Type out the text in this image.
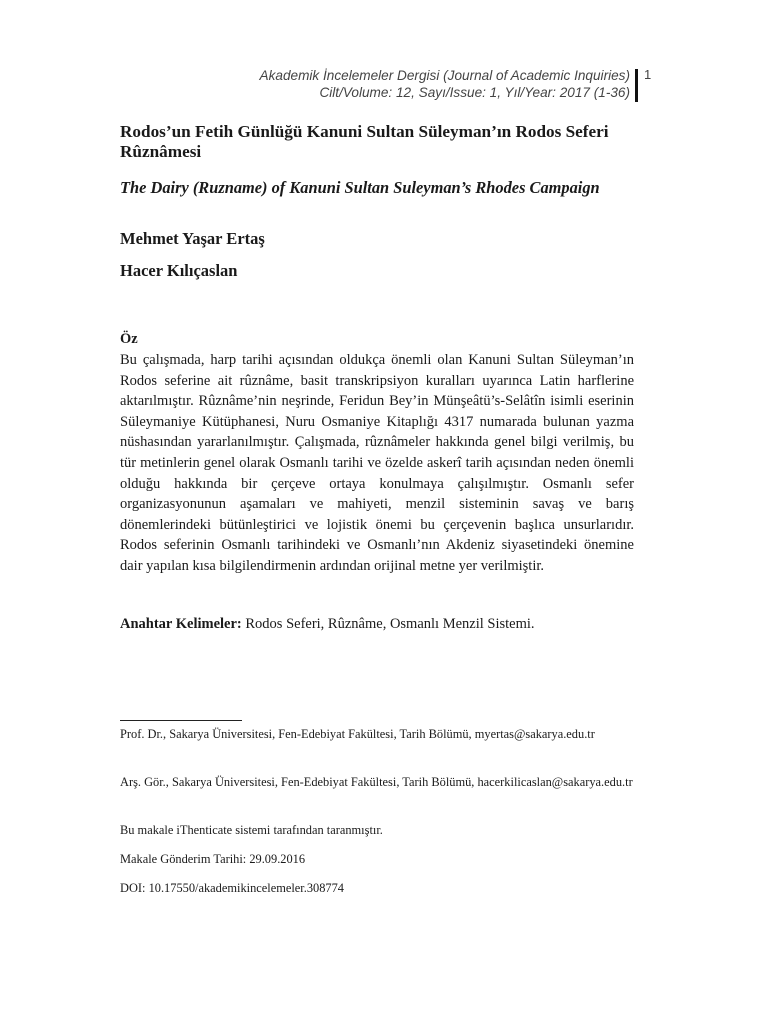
Akademik İncelemeler Dergisi (Journal of Academic Inquiries)
Cilt/Volume: 12, Sayı/Issue: 1, Yıl/Year: 2017 (1-36)
1
Rodos’un Fetih Günlüğü Kanuni Sultan Süleyman’ın Rodos Seferi Rûznâmesi
The Dairy (Ruzname) of Kanuni Sultan Suleyman’s Rhodes Campaign

Mehmet Yaşar Ertaş

Hacer Kılıçaslan

Öz

Bu çalışmada, harp tarihi açısından oldukça önemli olan Kanuni Sultan Süleyman’ın Rodos seferine ait rûznâme, basit transkripsiyon kuralları uyarınca Latin harflerine aktarılmıştır. Rûznâme’nin neşrinde, Feridun Bey’in Münşeâtü’s-Selâtîn isimli eserinin Süleymaniye Kütüphanesi, Nuru Osmaniye Kitaplığı 4317 numarada bulunan yazma nüshasından yararlanılmıştır. Çalışmada, rûznâmeler hakkında genel bilgi verilmiş, bu tür metinlerin genel olarak Osmanlı tarihi ve özelde askerî tarih açısından neden önemli olduğu hakkında bir çerçeve ortaya konulmaya çalışılmıştır. Osmanlı sefer organizasyonunun aşamaları ve mahiyeti, menzil sisteminin savaş ve barış dönemlerindeki bütünleştirici ve lojistik önemi bu çerçevenin başlıca unsurlarıdır. Rodos seferinin Osmanlı tarihindeki ve Osmanlı’nın Akdeniz siyasetindeki önemine dair yapılan kısa bilgilendirmenin ardından orijinal metne yer verilmiştir.

Anahtar Kelimeler: Rodos Seferi, Rûznâme, Osmanlı Menzil Sistemi.

Prof. Dr., Sakarya Üniversitesi, Fen-Edebiyat Fakültesi, Tarih Bölümü, myertas@sakarya.edu.tr

Arş. Gör., Sakarya Üniversitesi, Fen-Edebiyat Fakültesi, Tarih Bölümü, hacerkilicaslan@sakarya.edu.tr

Bu makale iThenticate sistemi tarafından taranmıştır.

Makale Gönderim Tarihi: 29.09.2016

DOI: 10.17550/akademikincelemeler.308774
